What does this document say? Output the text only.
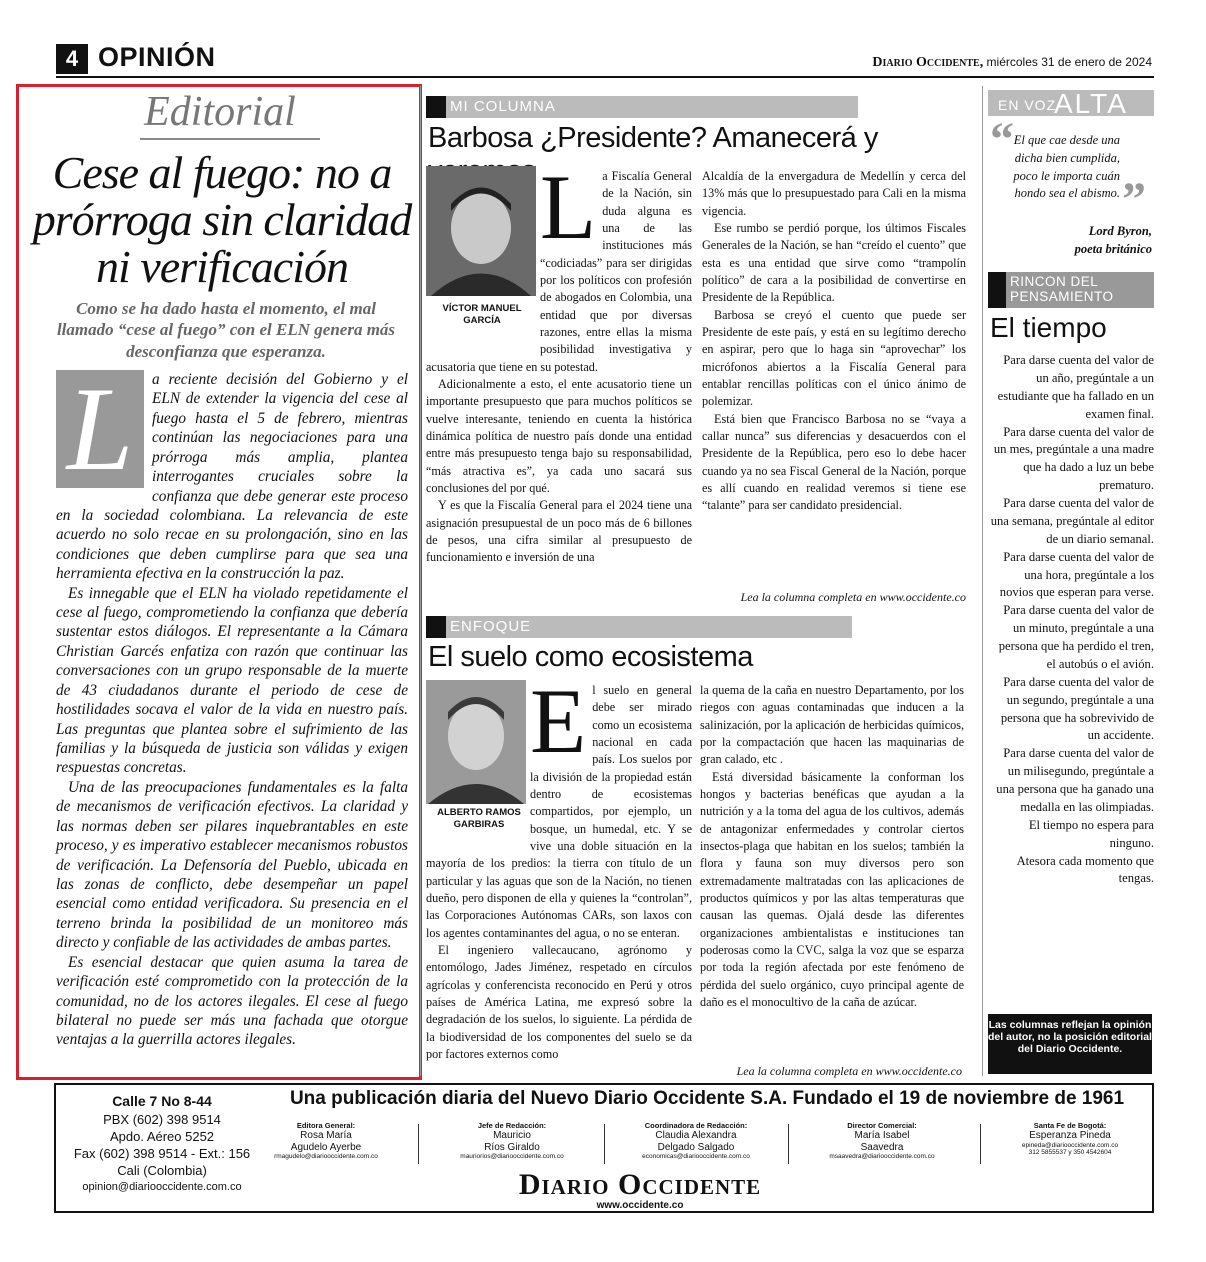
4 OPINIÓN	Diario Occidente, miércoles 31 de enero de 2024
Editorial
Cese al fuego: no a prórroga sin claridad ni verificación
Como se ha dado hasta el momento, el mal llamado “cese al fuego” con el ELN genera más desconfianza que esperanza.

L	a reciente decisión del Gobierno y el ELN de extender la vigencia del cese al fuego hasta el 5 de febrero, mientras continúan las negociaciones para una prórroga más amplia, plantea interrogantes cruciales sobre la confianza que debe generar este proceso en la sociedad colombiana. La relevancia de este acuerdo no solo recae en su prolongación, sino en las condiciones que deben cumplirse para que sea una herramienta efectiva en la construcción la paz.

Es innegable que el ELN ha violado repetidamente el cese al fuego, comprometiendo la confianza que debería sustentar estos diálogos. El representante a la Cámara Christian Garcés enfatiza con razón que continuar las conversaciones con un grupo responsable de la muerte de 43 ciudadanos durante el periodo de cese de hostilidades socava el valor de la vida en nuestro país. Las preguntas que plantea sobre el sufrimiento de las familias y la búsqueda de justicia son válidas y exigen respuestas concretas.

Una de las preocupaciones fundamentales es la falta de mecanismos de verificación efectivos. La claridad y las normas deben ser pilares inquebrantables en este proceso, y es imperativo establecer mecanismos robustos de verificación. La Defensoría del Pueblo, ubicada en las zonas de conflicto, debe desempeñar un papel esencial como entidad verificadora. Su presencia en el terreno brinda la posibilidad de un monitoreo más directo y confiable de las actividades de ambas partes.

Es esencial destacar que quien asuma la tarea de verificación esté comprometido con la protección de la comunidad, no de los actores ilegales. El cese al fuego bilateral no puede ser más una fachada que otorgue ventajas a la guerrilla actores ilegales.

MI COLUMNA
Barbosa ¿Presidente? Amanecerá y
VÍCTOR MANUEL GARCÍA

La Fiscalía General de la Nación, sin duda alguna es una de las instituciones más “codiciadas” para ser dirigidas por los políticos con profesión de abogados en Colombia, una entidad que por diversas razones, entre ellas la misma posibilidad investigativa y acusatoria que tiene en su potestad.

Adicionalmente a esto, el ente acusatorio tiene un importante presupuesto que para muchos políticos se vuelve interesante, teniendo en cuenta la histórica dinámica política de nuestro país donde una entidad entre más presupuesto tenga bajo su responsabilidad, “más atractiva es”, ya cada uno sacará sus conclusiones del por qué.

Y es que la Fiscalía General para el 2024 tiene una asignación presupuestal de un poco más de 6 billones de pesos, una cifra similar al presupuesto de funcionamiento e inversión de una

Alcaldía de la envergadura de Medellín y cerca del 13% más que lo presupuestado para Cali en la misma vigencia.

Ese rumbo se perdió porque, los últimos Fiscales Generales de la Nación, se han “creído el cuento” que esta es una entidad que sirve como “trampolín político” de cara a la posibilidad de convertirse en Presidente de la República.

Barbosa se creyó el cuento que puede ser Presidente de este país, y está en su legítimo derecho en aspirar, pero que lo haga sin “aprovechar” los micrófonos abiertos a la Fiscalía General para entablar rencillas políticas con el único ánimo de polemizar.

Está bien que Francisco Barbosa no se “vaya a callar nunca” sus diferencias y desacuerdos con el Presidente de la República, pero eso lo debe hacer cuando ya no sea Fiscal General de la Nación, porque es allí cuando en realidad veremos si tiene ese “talante” para ser candidato presidencial.

Lea la columna completa en www.occidente.co
ENFOQUE
El suelo como ecosistema
ALBERTO RAMOS GARBIRAS

El suelo en general debe ser mirado como un ecosistema nacional en cada país. Los suelos por la división de la propiedad están dentro de ecosistemas compartidos, por ejemplo, un bosque, un humedal, etc. Y se vive una doble situación en la mayoría de los predios: la tierra con título de un particular y las aguas que son de la Nación, no tienen dueño, pero disponen de ella y quienes la “controlan”, las Corporaciones Autónomas CARs, son laxos con los agentes contaminantes del agua, o no se enteran.

El ingeniero vallecaucano, agrónomo y entomólogo, Jades Jiménez, respetado en círculos agrícolas y conferencista reconocido en Perú y otros países de América Latina, me expresó sobre la degradación de los suelos, lo siguiente. La pérdida de la biodiversidad de los componentes del suelo se da por factores externos como

la quema de la caña en nuestro Departamento, por los riegos con aguas contaminadas que inducen a la salinización, por la aplicación de herbicidas químicos, por la compactación que hacen las maquinarias de gran calado, etc .

Está diversidad básicamente la conforman los hongos y bacterias benéficas que ayudan a la nutrición y a la toma del agua de los cultivos, además de antagonizar enfermedades y controlar ciertos insectos-plaga que habitan en los suelos; también la flora y fauna son muy diversos pero son extremadamente maltratadas con las aplicaciones de productos químicos y por las altas temperaturas que causan las quemas. Ojalá desde las diferentes organizaciones ambientalistas e instituciones tan poderosas como la CVC, salga la voz que se esparza por toda la región afectada por este fenómeno de pérdida del suelo orgánico, cuyo principal agente de daño es el monocultivo de la caña de azúcar.

Lea la columna completa en www.occidente.co
EN VOZ
ALTA
“ El que cae desde una dicha bien cumplida, poco le importa cuán hondo sea el abismo.
Lord Byron,
poeta británico
”
RINCON DEL PENSAMIENTO
El tiempo

Para darse cuenta del valor de un año, pregúntale a un estudiante que ha fallado en un examen final.

Para darse cuenta del valor de un mes, pregúntale a una madre que ha dado a luz un bebe prematuro.

Para darse cuenta del valor de una semana, pregúntale al editor de un diario semanal.

Para darse cuenta del valor de una hora, pregúntale a los novios que esperan para verse.

Para darse cuenta del valor de un minuto, pregúntale a una persona que ha perdido el tren, el autobús o el avión.

Para darse cuenta del valor de un segundo, pregúntale a una persona que ha sobrevivido de un accidente.

Para darse cuenta del valor de un milisegundo, pregúntale a una persona que ha ganado una medalla en las olimpiadas.

El tiempo no espera para ninguno.

Atesora cada momento que tengas.

Las columnas reflejan la opinión del autor, no la posición editorial del Diario Occidente.
Calle 7 No 8-44
PBX (602) 398 9514
Apdo. Aéreo 5252
Fax (602) 398 9514 - Ext.: 156
Cali (Colombia)
opinion@diariooccidente.com.co
Una publicación diaria del Nuevo Diario Occidente S.A. Fundado el 19 de noviembre de 1961
Editora General:
Rosa María
Agudelo Ayerbe
rmagudelo@diariooccidente.com.co
Jefe de Redacción:
Mauricio
Ríos Giraldo
mauriorios@diariooccidente.com.co
Coordinadora de Redacción:
Claudia Alexandra
Delgado Salgado
economicas@diariooccidente.com.co
Director Comercial:
María Isabel
Saavedra
msaavedra@diariooccidente.com.co
Santa Fe de Bogotá:
Esperanza Pineda
epineda@diariooccidente.com.co
312 5855537 y 350 4542604
Diario Occidente
www.occidente.co
